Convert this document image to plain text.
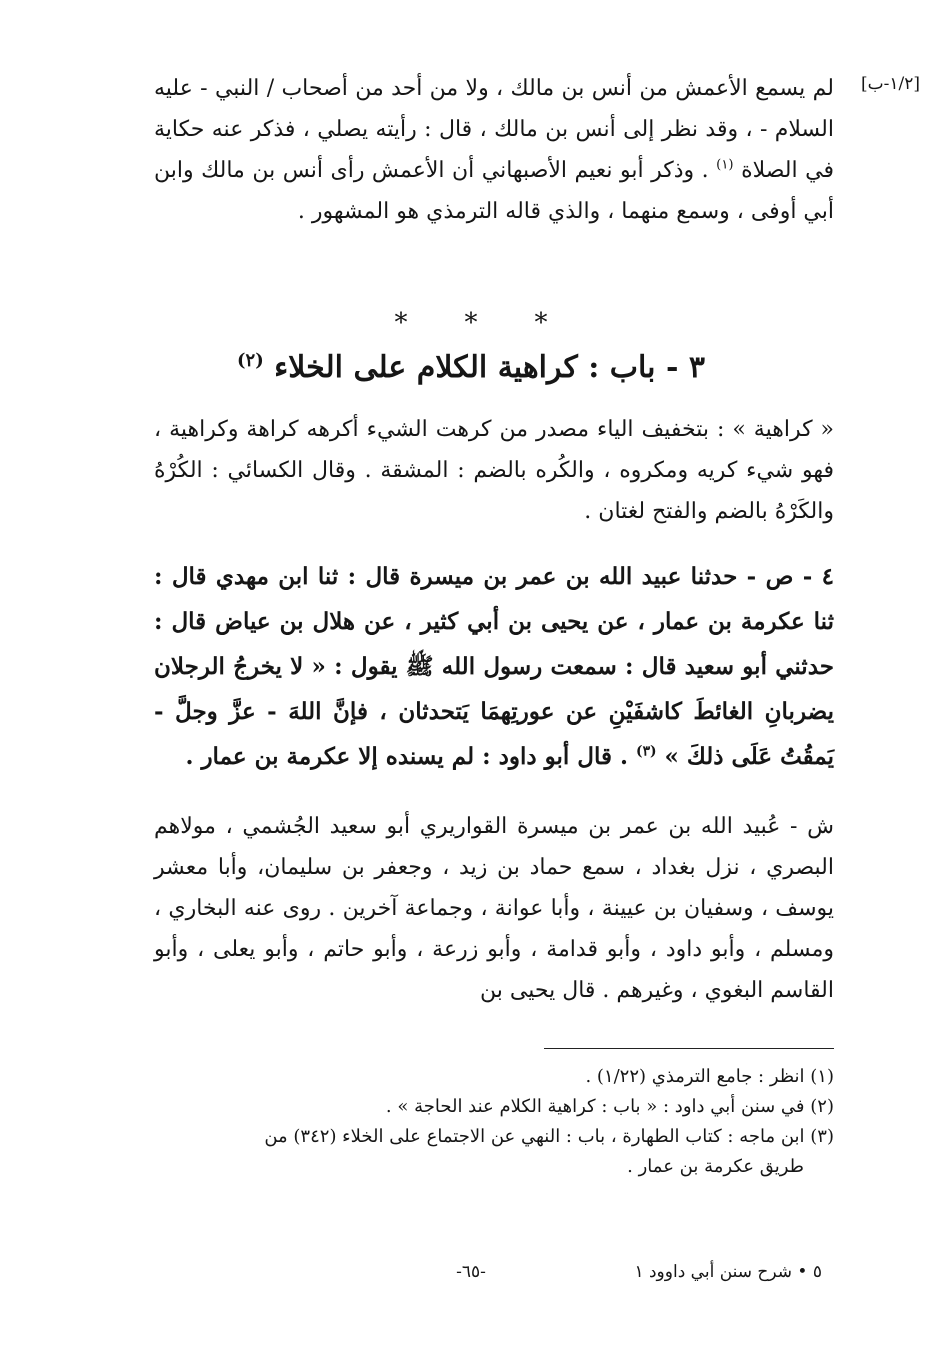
[١/٢-ب]
لم يسمع الأعمش من أنس بن مالك ، ولا من أحد من أصحاب / النبي - عليه السلام - ، وقد نظر إلى أنس بن مالك ، قال : رأيته يصلي ، فذكر عنه حكاية في الصلاة $^{(١)}$ . وذكر أبو نعيم الأصبهاني أن الأعمش رأى أنس بن مالك وابن أبي أوفى ، وسمع منهما ، والذي قاله الترمذي هو المشهور .
* * *
٣ - باب : كراهية الكلام على الخلاء $^{(٢)}$
« كراهية » : بتخفيف الياء مصدر من كرهت الشيء أكرهه كراهة وكراهية ، فهو شيء كريه ومكروه ، والكُره بالضم : المشقة . وقال الكسائي : الكُرْهُ والكَرْهُ بالضم والفتح لغتان .
٤ - ص - حدثنا عبيد الله بن عمر بن ميسرة قال : ثنا ابن مهدي قال : ثنا عكرمة بن عمار ، عن يحيى بن أبي كثير ، عن هلال بن عياض قال : حدثني أبو سعيد قال : سمعت رسول الله ﷺ يقول : « لا يخرجُ الرجلان يضربانِ الغائطَ كاشفَيْنِ عن عورتِهمَا يَتحدثان ، فإنَّ اللهَ - عزَّ وجلَّ - يَمقُتُ عَلَى ذلكَ » $^{(٣)}$ . قال أبو داود : لم يسنده إلا عكرمة بن عمار .
ش - عُبيد الله بن عمر بن ميسرة القواريري أبو سعيد الجُشمي ، مولاهم البصري ، نزل بغداد ، سمع حماد بن زيد ، وجعفر بن سليمان، وأبا معشر يوسف ، وسفيان بن عيينة ، وأبا عوانة ، وجماعة آخرين . روى عنه البخاري ، ومسلم ، وأبو داود ، وأبو قدامة ، وأبو زرعة ، وأبو حاتم ، وأبو يعلى ، وأبو القاسم البغوي ، وغيرهم . قال يحيى بن

(١) انظر : جامع الترمذي (١/٢٢) .

(٢) في سنن أبي داود : « باب : كراهية الكلام عند الحاجة » .

(٣) ابن ماجه : كتاب الطهارة ، باب : النهي عن الاجتماع على الخلاء (٣٤٢) من

طريق عكرمة بن عمار .

-٦٥-	٥ • شرح سنن أبي داوود ١
